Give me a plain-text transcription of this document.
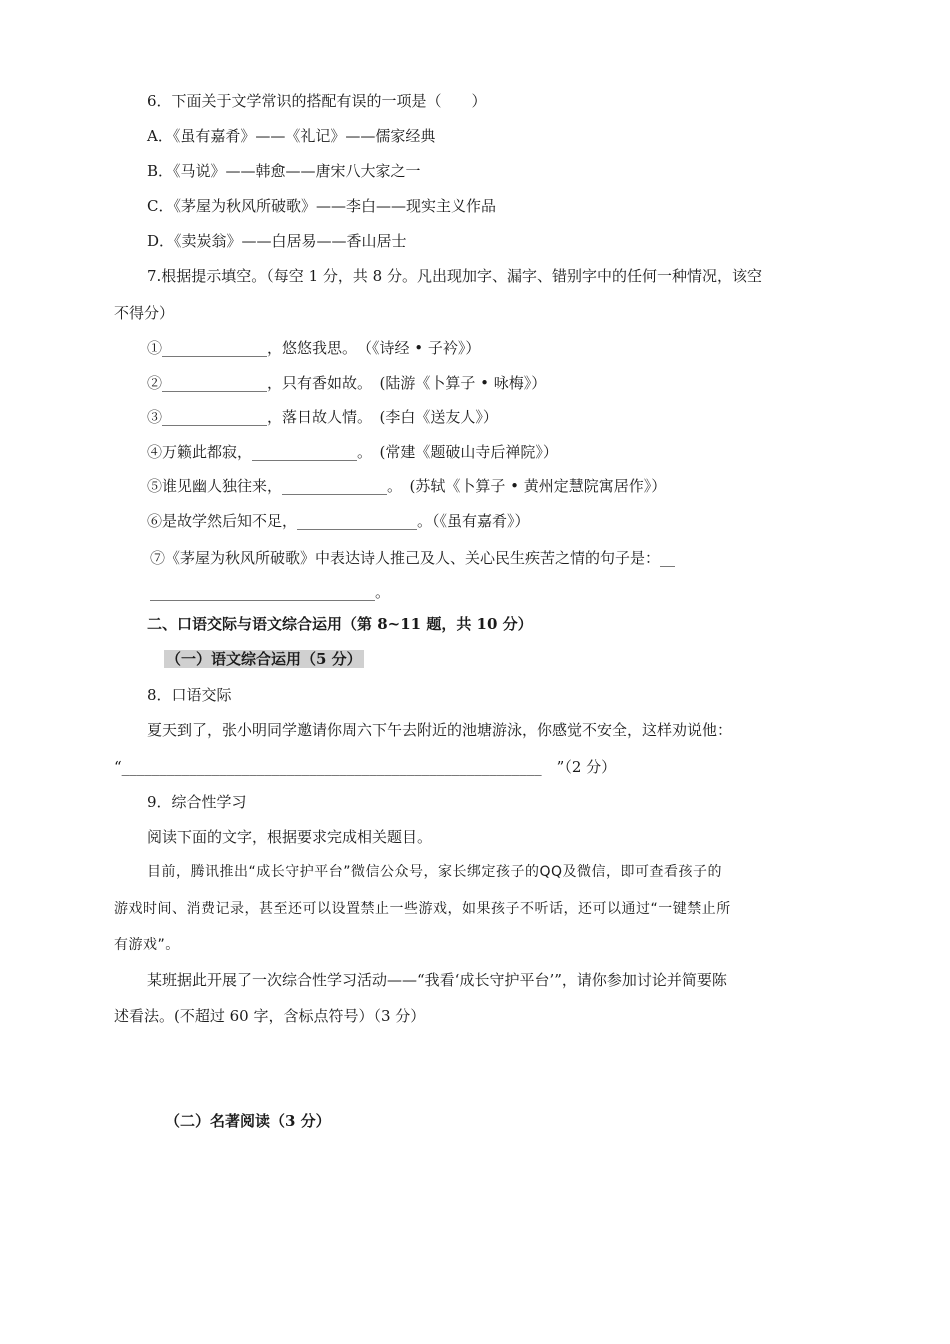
6．下面关于文学常识的搭配有误的一项是（　　）
A．《虽有嘉肴》——《礼记》——儒家经典
B．《马说》——韩愈——唐宋八大家之一
C．《茅屋为秋风所破歌》——李白——现实主义作品
D．《卖炭翁》——白居易——香山居士
7.根据提示填空。（每空 1 分，共 8 分。凡出现加字、漏字、错别字中的任何一种情况，该空
不得分）
①______________，悠悠我思。　（《诗经 • 子衿》）
②______________，只有香如故。　(陆游《卜算子 • 咏梅》）
③______________，落日故人情。　(李白《送友人》）
④万籁此都寂，______________。　(常建《题破山寺后禅院》）
⑤谁见幽人独往来，______________。　(苏轼《卜算子 • 黄州定慧院寓居作》）
⑥是故学然后知不足，________________。（《虽有嘉肴》）
⑦《茅屋为秋风所破歌》中表达诗人推己及人、关心民生疾苦之情的句子是：__
______________________________。
二、口语交际与语文综合运用（第 8~11 题，共 10 分）
（一）语文综合运用（5 分）
8．口语交际
夏天到了，张小明同学邀请你周六下午去附近的池塘游泳，你感觉不安全，这样劝说他：
“________________________________________________________　”（2 分）
9．综合性学习
阅读下面的文字，根据要求完成相关题目。
目前，腾讯推出“成长守护平台”微信公众号，家长绑定孩子的QQ及微信，即可查看孩子的
游戏时间、消费记录，甚至还可以设置禁止一些游戏，如果孩子不听话，还可以通过“一键禁止所
有游戏”。
某班据此开展了一次综合性学习活动——“我看‘成长守护平台’”，请你参加讨论并简要陈
述看法。(不超过 60 字，含标点符号）（3 分）
（二）名著阅读（3 分）
